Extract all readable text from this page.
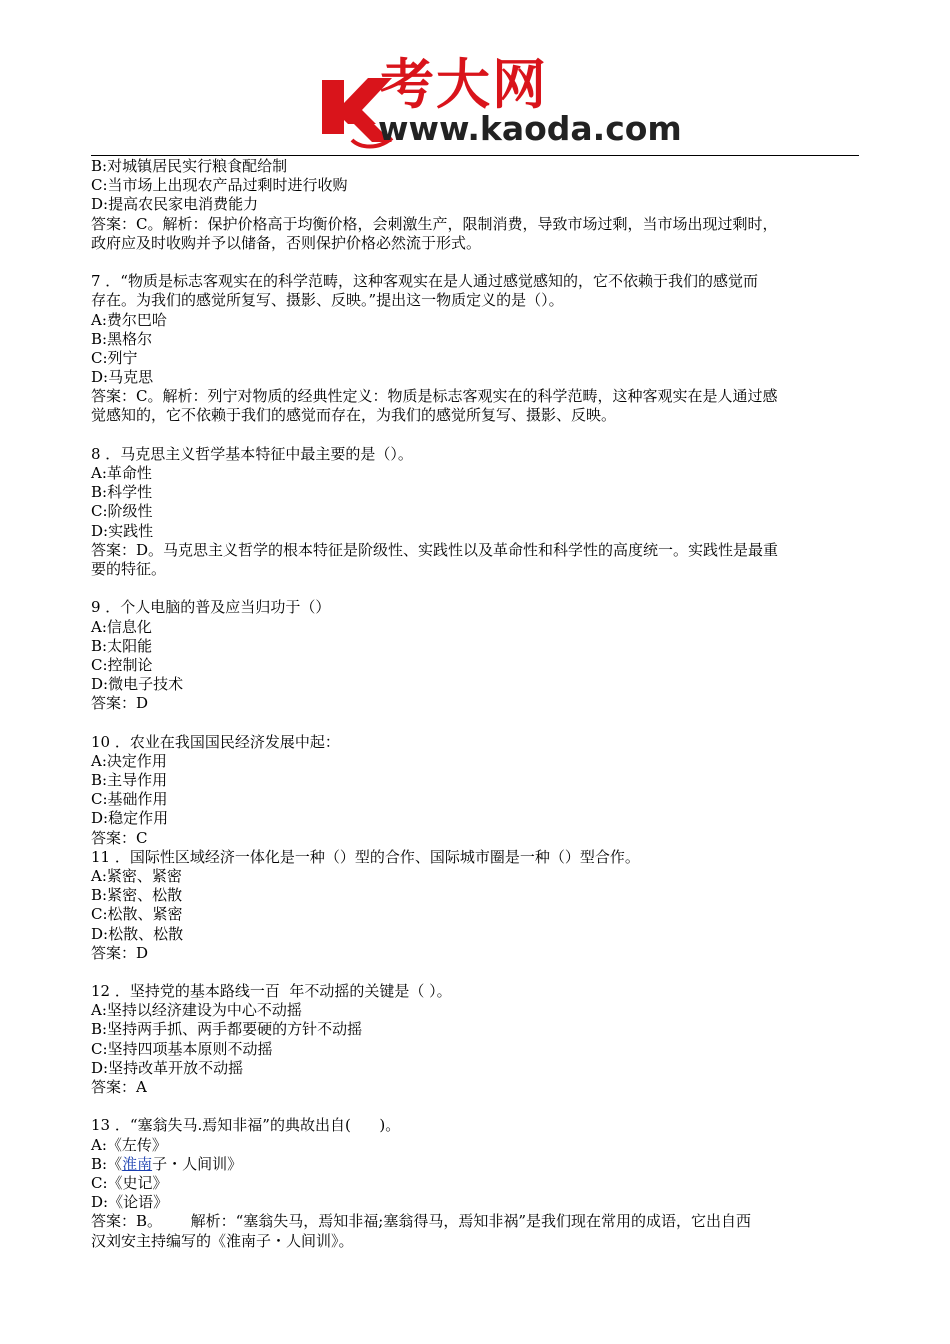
考大网
www.kaoda.com
B:对城镇居民实行粮食配给制
C:当市场上出现农产品过剩时进行收购
D:提高农民家电消费能力
答案：C。解析：保护价格高于均衡价格，会刺激生产，限制消费，导致市场过剩，当市场出现过剩时，
政府应及时收购并予以储备，否则保护价格必然流于形式。
7 ．“物质是标志客观实在的科学范畴，这种客观实在是人通过感觉感知的，它不依赖于我们的感觉而
存在。为我们的感觉所复写、摄影、反映。”提出这一物质定义的是（）。
A:费尔巴哈
B:黑格尔
C:列宁
D:马克思
答案：C。解析：列宁对物质的经典性定义：物质是标志客观实在的科学范畴，这种客观实在是人通过感
觉感知的，它不依赖于我们的感觉而存在，为我们的感觉所复写、摄影、反映。
8 ．马克思主义哲学基本特征中最主要的是（）。
A:革命性
B:科学性
C:阶级性
D:实践性
答案：D。马克思主义哲学的根本特征是阶级性、实践性以及革命性和科学性的高度统一。实践性是最重
要的特征。
9 ．个人电脑的普及应当归功于（）
A:信息化
B:太阳能
C:控制论
D:微电子技术
答案：D
10 ．农业在我国国民经济发展中起：
A:决定作用
B:主导作用
C:基础作用
D:稳定作用
答案：C
11 ．国际性区域经济一体化是一种（）型的合作、国际城市圈是一种（）型合作。
A:紧密、紧密
B:紧密、松散
C:松散、紧密
D:松散、松散
答案：D
12 ．坚持党的基本路线一百  年不动摇的关键是（ ）。
A:坚持以经济建设为中心不动摇
B:坚持两手抓、两手都要硬的方针不动摇
C:坚持四项基本原则不动摇
D:坚持改革开放不动摇
答案：A
13 ．“塞翁失马.焉知非福”的典故出自(      )。
A:《左传》
B:《淮南子・人间训》
C:《史记》
D:《论语》
答案：B。      解析：“塞翁失马，焉知非福;塞翁得马，焉知非祸”是我们现在常用的成语，它出自西
汉刘安主持编写的《淮南子・人间训》。
